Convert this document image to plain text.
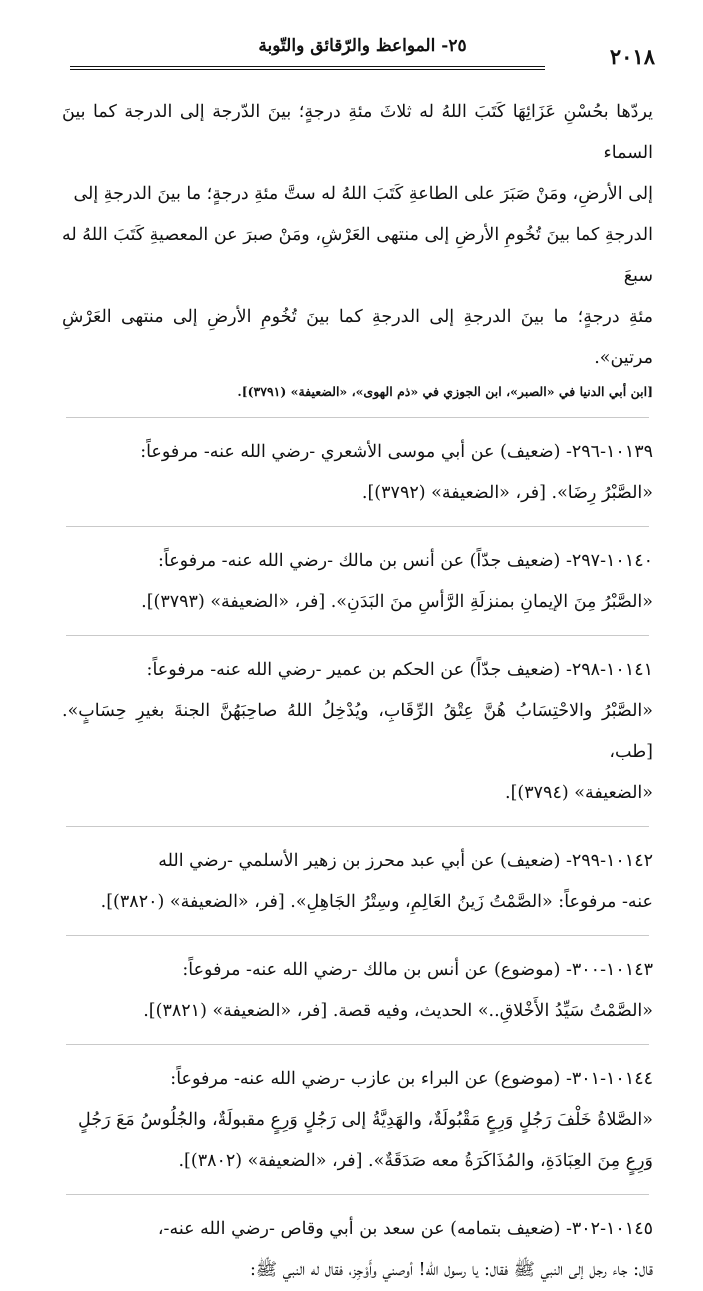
٢٠١٨
٢٥- المواعظ والرّقائق والتّوبة

يردّها بحُسْنِ عَزَائِهَا كَتَبَ اللهُ له ثلاثَ مئةِ درجةٍ؛ بينَ الدّرجة إلى الدرجة كما بينَ السماء
إلى الأرضِ، ومَنْ صَبَرَ على الطاعةِ كَتَبَ اللهُ له ستَّ مئةِ درجةٍ؛ ما بينَ الدرجةِ إلى
الدرجةِ كما بينَ تُخُومِ الأرضِ إلى منتهى العَرْشِ، ومَنْ صبرَ عن المعصيةِ كَتَبَ اللهُ له سبعَ
مئةِ درجةٍ؛ ما بينَ الدرجةِ إلى الدرجةِ كما بينَ تُخُومِ الأرضِ إلى منتهى العَرْشِ مرتين».

[ابن أبي الدنيا في «الصبر»، ابن الجوزي في «ذم الهوى»، «الضعيفة» (٣٧٩١)].

١٠١٣٩-٢٩٦- (ضعيف) عن أبي موسى الأشعري -رضي الله عنه- مرفوعاً:
«الصَّبْرُ رِضَا». [فر، «الضعيفة» (٣٧٩٢)].

١٠١٤٠-٢٩٧- (ضعيف جدّاً) عن أنس بن مالك -رضي الله عنه- مرفوعاً:
«الصَّبْرُ مِنَ الإيمانِ بمنزلَةِ الرَّأسِ منَ البَدَنِ». [فر، «الضعيفة» (٣٧٩٣)].

١٠١٤١-٢٩٨- (ضعيف جدّاً) عن الحكم بن عمير -رضي الله عنه- مرفوعاً:
«الصَّبْرُ والاحْتِسَابُ هُنَّ عِتْقُ الرِّقَابِ، ويُدْخِلُ اللهُ صاحِبَهُنَّ الجنةَ بغيرِ حِسَابٍ». [طب،
«الضعيفة» (٣٧٩٤)].

١٠١٤٢-٢٩٩- (ضعيف) عن أبي عبد محرز بن زهير الأسلمي -رضي الله
عنه- مرفوعاً: «الصَّمْتُ زَينُ العَالِمِ، وسِتْرُ الجَاهِلِ». [فر، «الضعيفة» (٣٨٢٠)].

١٠١٤٣-٣٠٠- (موضوع) عن أنس بن مالك -رضي الله عنه- مرفوعاً:
«الصَّمْتُ سَيِّدُ الأَخْلاقِ..» الحديث، وفيه قصة. [فر، «الضعيفة» (٣٨٢١)].

١٠١٤٤-٣٠١- (موضوع) عن البراء بن عازب -رضي الله عنه- مرفوعاً:
«الصَّلاةُ خَلْفَ رَجُلٍ وَرِعٍ مَقْبُولَةٌ، والهَدِيَّةُ إلى رَجُلٍ وَرِعٍ مقبولَةٌ، والجُلُوسُ مَعَ رَجُلٍ
وَرِعٍ مِنَ العِبَادَةِ، والمُذَاكَرَةُ معه صَدَقَةٌ». [فر، «الضعيفة» (٣٨٠٢)].

١٠١٤٥-٣٠٢- (ضعيف بتمامه) عن سعد بن أبي وقاص -رضي الله عنه-،
قال: جاء رجل إلى النبي ﷺ فقال: يا رسول الله! أوصني وأَوْجِز، فقال له النبي ﷺ:
